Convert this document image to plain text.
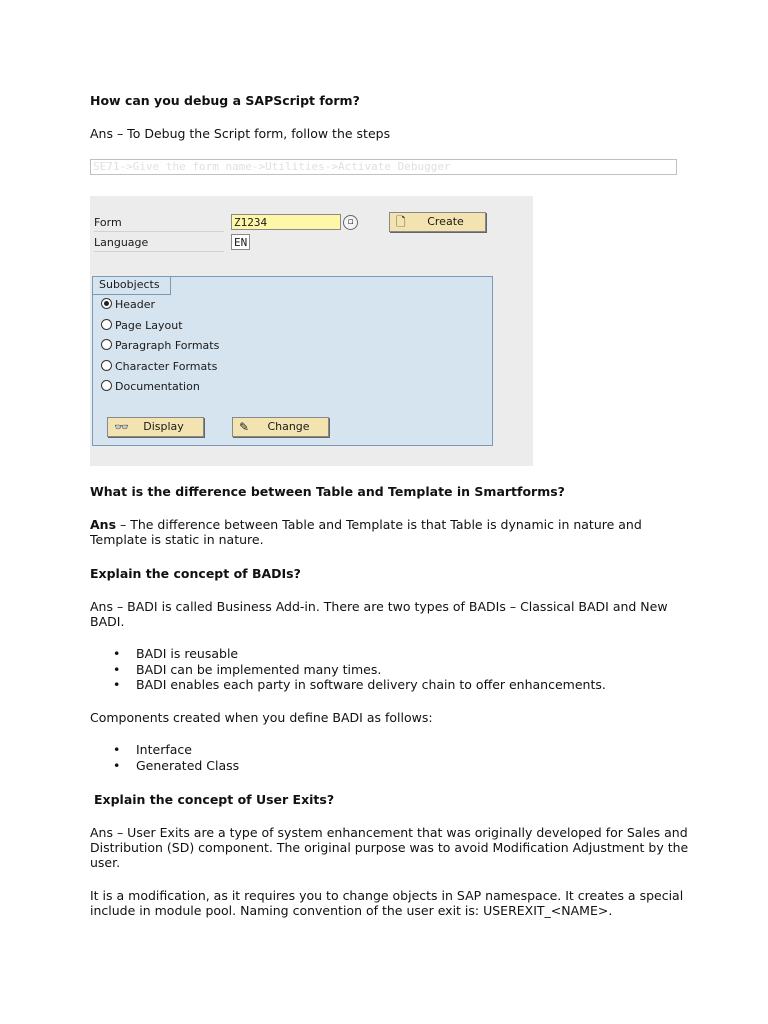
How can you debug a SAPScript form?
Ans – To Debug the Script form, follow the steps
SE71->Give the form name->Utilities->Activate Debugger
Form	Z1234	▫	🗋	Create
Language	EN
Subobjects
Header
Page Layout
Paragraph Formats
Character Formats
Documentation
👓	Display	✎	Change
What is the difference between Table and Template in Smartforms?
Ans – The difference between Table and Template is that Table is dynamic in nature and Template is static in nature.
Explain the concept of BADIs?
Ans – BADI is called Business Add-in. There are two types of BADIs – Classical BADI and New BADI.
• BADI is reusable
• BADI can be implemented many times.
• BADI enables each party in software delivery chain to offer enhancements.
Components created when you define BADI as follows:
• Interface
• Generated Class
Explain the concept of User Exits?
Ans – User Exits are a type of system enhancement that was originally developed for Sales and Distribution (SD) component. The original purpose was to avoid Modification Adjustment by the user.
It is a modification, as it requires you to change objects in SAP namespace. It creates a special include in module pool. Naming convention of the user exit is: USEREXIT_<NAME>.
